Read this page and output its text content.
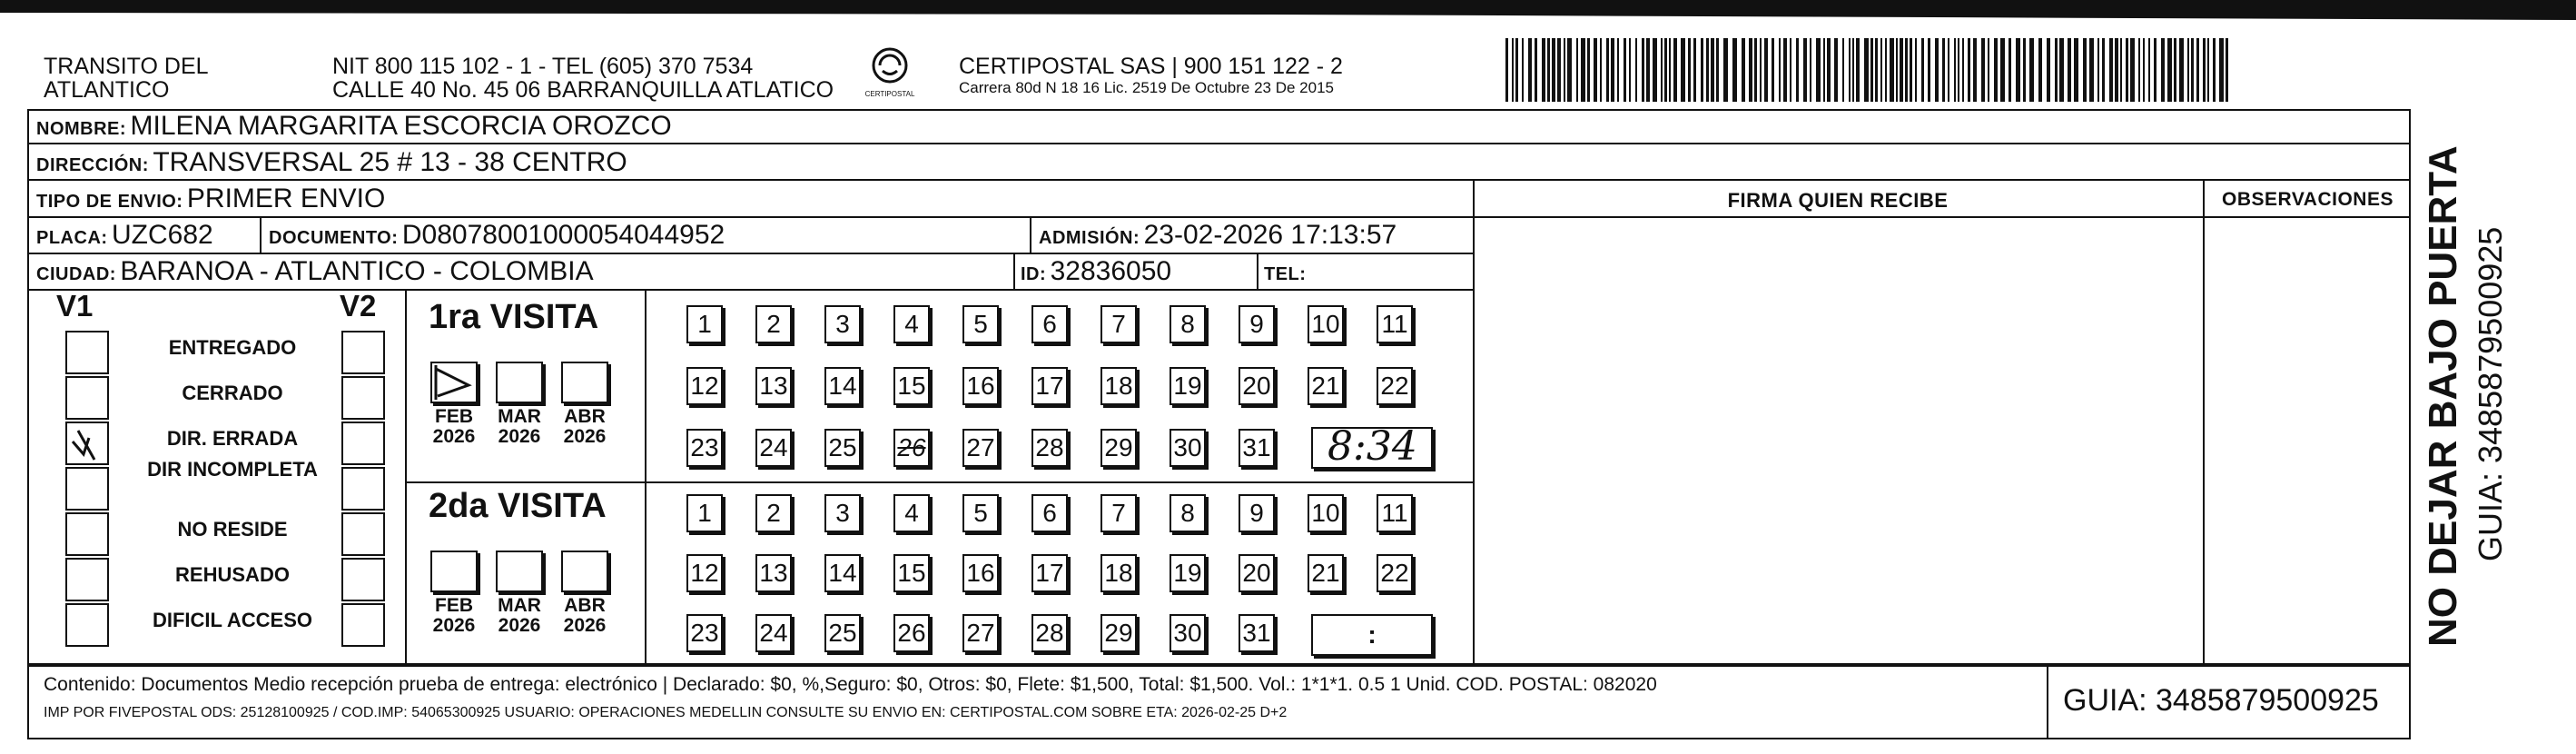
TRANSITO DEL
ATLANTICO
NIT 800 115 102 - 1 - TEL (605) 370 7534
CALLE 40 No. 45 06 BARRANQUILLA ATLATICO	CERTIPOSTAL
CERTIPOSTAL SAS | 900 151 122 - 2
Carrera 80d N 18 16 Lic. 2519 De Octubre 23 De 2015
NOMBRE: MILENA MARGARITA ESCORCIA OROZCO
DIRECCIÓN: TRANSVERSAL 25 # 13 - 38 CENTRO
TIPO DE ENVIO: PRIMER ENVIO
PLACA: UZC682	DOCUMENTO: D08078001000054044952	ADMISIÓN: 23-02-2026 17:13:57
CIUDAD: BARANOA - ATLANTICO - COLOMBIA	ID: 32836050	TEL:
FIRMA QUIEN RECIBE	OBSERVACIONES
V1	V2
ENTREGADO
CERRADO
DIR. ERRADA
DIR INCOMPLETA
NO RESIDE
REHUSADO
DIFICIL ACCESO
1ra VISITA
2da VISITA
FEB
2026
MAR
2026
ABR
2026
FEB
2026
MAR
2026
ABR
2026
1 2 3 4 5 6 7 8 9 10 11
12 13 14 15 16 17 18 19 20 21 22
23 24 25 26 27 28 29 30 31
1 2 3 4 5 6 7 8 9 10 11
12 13 14 15 16 17 18 19 20 21 22
23 24 25 26 27 28 29 30 31
8:34
:
Contenido: Documentos Medio recepción prueba de entrega: electrónico | Declarado: $0, %,Seguro: $0, Otros: $0, Flete: $1,500, Total: $1,500. Vol.: 1*1*1. 0.5 1 Unid. COD. POSTAL: 082020
IMP POR FIVEPOSTAL ODS: 25128100925 / COD.IMP: 54065300925 USUARIO: OPERACIONES MEDELLIN CONSULTE SU ENVIO EN: CERTIPOSTAL.COM SOBRE ETA: 2026-02-25 D+2	GUIA: 3485879500925
NO DEJAR BAJO PUERTA GUIA: 3485879500925
